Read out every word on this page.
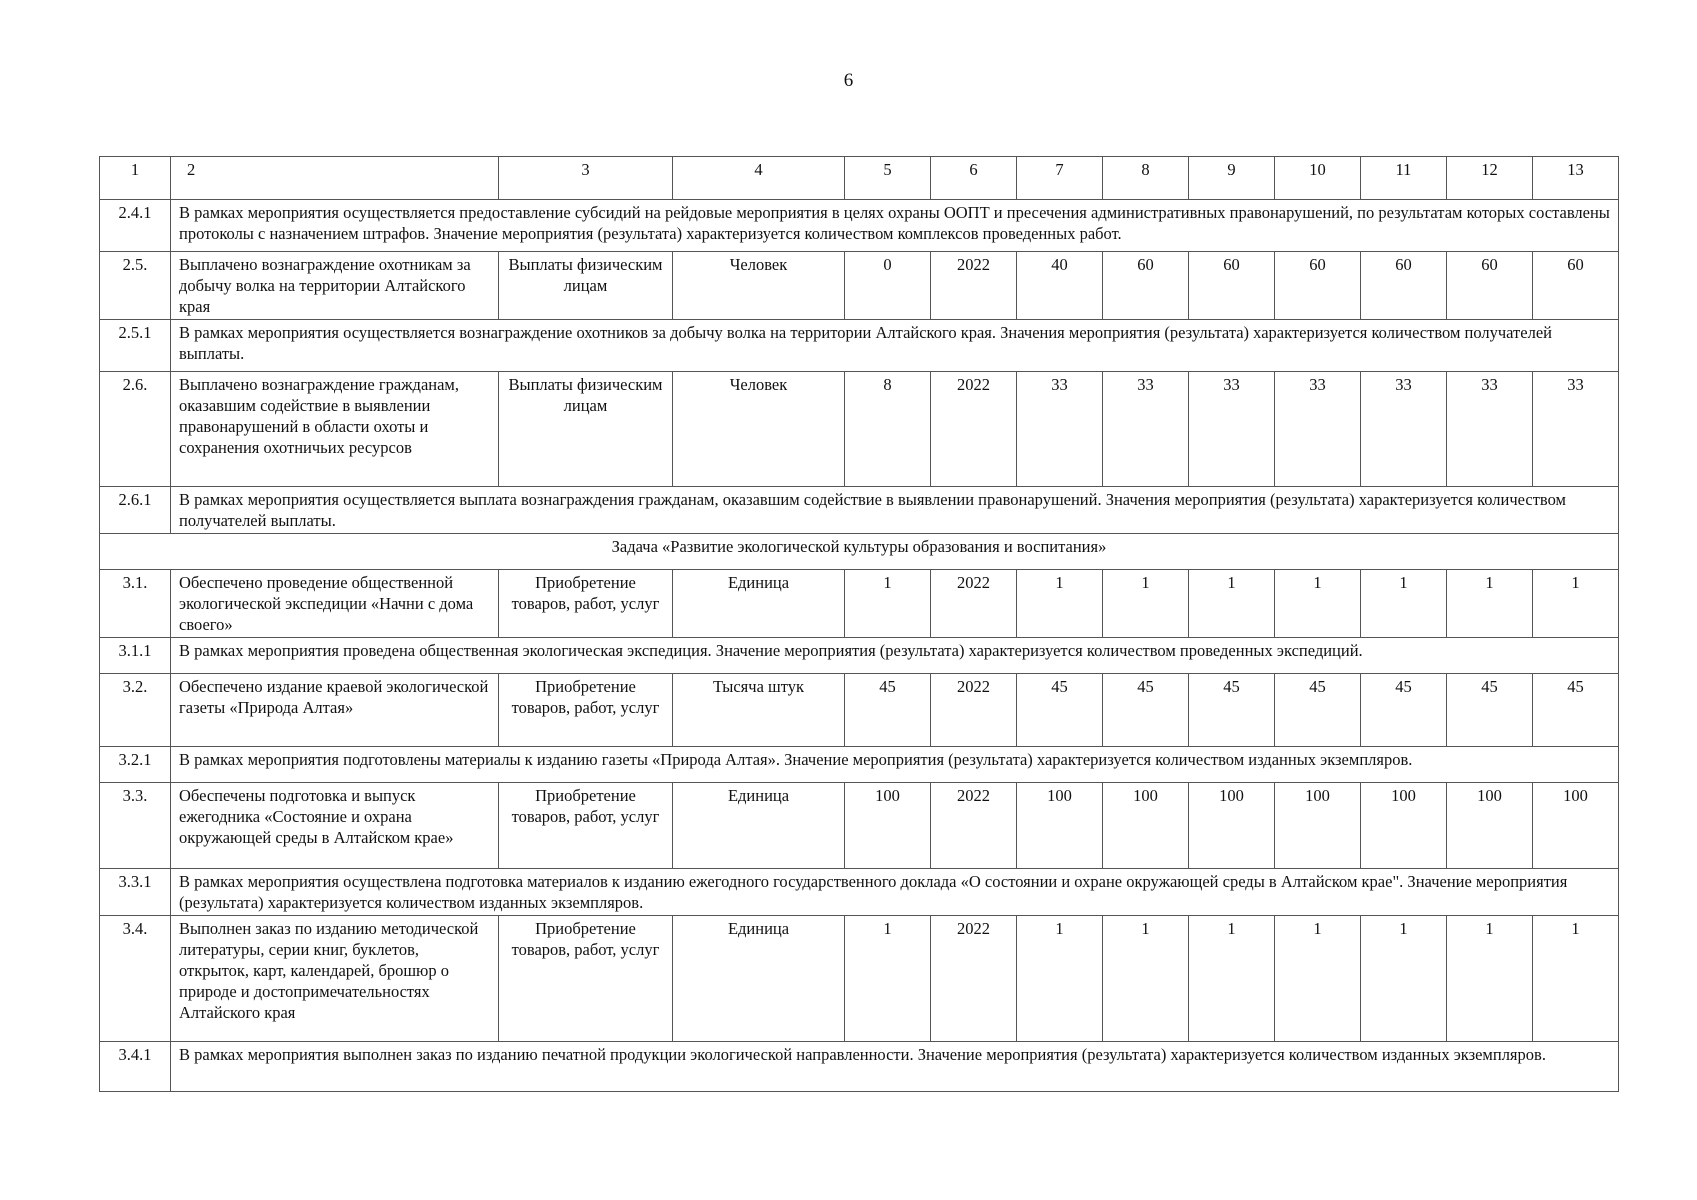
6
1	2	3	4	5	6	7	8	9	10	11	12	13
2.4.1	В рамках мероприятия осуществляется предоставление субсидий на рейдовые мероприятия в целях охраны ООПТ и пресечения административных правонарушений, по результатам которых составлены протоколы с назначением штрафов. Значение мероприятия (результата) характеризуется количеством комплексов проведенных работ.											
2.5.	Выплачено вознаграждение охотникам за добычу волка на территории Алтайского края	Выплаты физическим лицам	Человек	0	2022	40	60	60	60	60	60	60
2.5.1	В рамках мероприятия осуществляется вознаграждение охотников за добычу волка на территории Алтайского края. Значения мероприятия (результата) характеризуется количеством получателей выплаты.											
2.6.	Выплачено вознаграждение гражданам, оказавшим содействие в выявлении правонарушений в области охоты и сохранения охотничьих ресурсов	Выплаты физическим лицам	Человек	8	2022	33	33	33	33	33	33	33
2.6.1	В рамках мероприятия осуществляется выплата вознаграждения гражданам, оказавшим содействие в выявлении правонарушений. Значения мероприятия (результата) характеризуется количеством получателей выплаты.											
Задача «Развитие экологической культуры образования и воспитания»												
3.1.	Обеспечено проведение общественной экологической экспедиции «Начни с дома своего»	Приобретение товаров, работ, услуг	Единица	1	2022	1	1	1	1	1	1	1
3.1.1	В рамках мероприятия проведена общественная экологическая экспедиция. Значение мероприятия (результата) характеризуется количеством проведенных экспедиций.											
3.2.	Обеспечено издание краевой экологической газеты «Природа Алтая»	Приобретение товаров, работ, услуг	Тысяча штук	45	2022	45	45	45	45	45	45	45
3.2.1	В рамках мероприятия подготовлены материалы к изданию газеты «Природа Алтая». Значение мероприятия (результата) характеризуется количеством изданных экземпляров.											
3.3.	Обеспечены подготовка и выпуск ежегодника «Состояние и охрана окружающей среды в Алтайском крае»	Приобретение товаров, работ, услуг	Единица	100	2022	100	100	100	100	100	100	100
3.3.1	В рамках мероприятия осуществлена подготовка материалов к изданию ежегодного государственного доклада «О состоянии и охране окружающей среды в Алтайском крае". Значение мероприятия (результата) характеризуется количеством изданных экземпляров.											
3.4.	Выполнен заказ по изданию методической литературы, серии книг, буклетов, открыток, карт, календарей, брошюр о природе и достопримечательностях Алтайского края	Приобретение товаров, работ, услуг	Единица	1	2022	1	1	1	1	1	1	1
3.4.1	В рамках мероприятия выполнен заказ по изданию печатной продукции экологической направленности. Значение мероприятия (результата) характеризуется количеством изданных экземпляров.											
